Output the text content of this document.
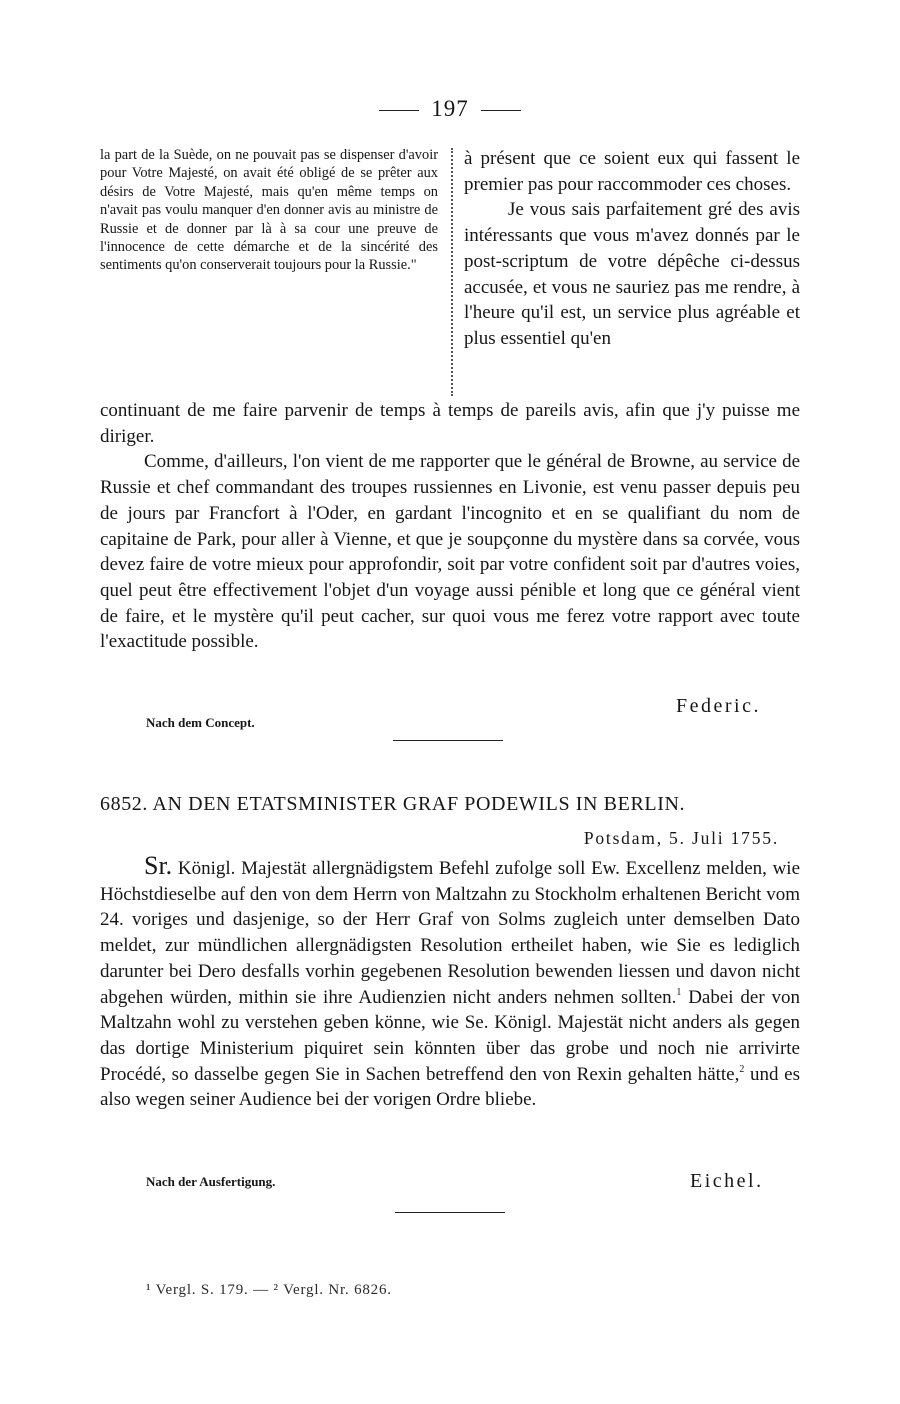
197
la part de la Suède, on ne pouvait pas se dispenser d'avoir pour Votre Majesté, on avait été obligé de se prêter aux désirs de Votre Majesté, mais qu'en même temps on n'avait pas voulu manquer d'en donner avis au ministre de Russie et de donner par là à sa cour une preuve de l'innocence de cette démarche et de la sincérité des sentiments qu'on conserverait toujours pour la Russie."

à présent que ce soient eux qui fassent le premier pas pour raccommoder ces choses.

Je vous sais parfaitement gré des avis intéressants que vous m'avez donnés par le post-scriptum de votre dépêche ci-dessus accusée, et vous ne sauriez pas me rendre, à l'heure qu'il est, un service plus agréable et plus essentiel qu'en

continuant de me faire parvenir de temps à temps de pareils avis, afin que j'y puisse me diriger.

Comme, d'ailleurs, l'on vient de me rapporter que le général de Browne, au service de Russie et chef commandant des troupes russiennes en Livonie, est venu passer depuis peu de jours par Francfort à l'Oder, en gardant l'incognito et en se qualifiant du nom de capitaine de Park, pour aller à Vienne, et que je soupçonne du mystère dans sa corvée, vous devez faire de votre mieux pour approfondir, soit par votre confident soit par d'autres voies, quel peut être effectivement l'objet d'un voyage aussi pénible et long que ce général vient de faire, et le mystère qu'il peut cacher, sur quoi vous me ferez votre rapport avec toute l'exactitude possible.

Federic.
Nach dem Concept.
6852. AN DEN ETATSMINISTER GRAF PODEWILS IN BERLIN.
Potsdam, 5. Juli 1755.

Sr. Königl. Majestät allergnädigstem Befehl zufolge soll Ew. Excellenz melden, wie Höchstdieselbe auf den von dem Herrn von Maltzahn zu Stockholm erhaltenen Bericht vom 24. voriges und dasjenige, so der Herr Graf von Solms zugleich unter demselben Dato meldet, zur mündlichen allergnädigsten Resolution ertheilet haben, wie Sie es lediglich darunter bei Dero desfalls vorhin gegebenen Resolution bewenden liessen und davon nicht abgehen würden, mithin sie ihre Audienzien nicht anders nehmen sollten.$^1$ Dabei der von Maltzahn wohl zu verstehen geben könne, wie Se. Königl. Majestät nicht anders als gegen das dortige Ministerium piquiret sein könnten über das grobe und noch nie arrivirte Procédé, so dasselbe gegen Sie in Sachen betreffend den von Rexin gehalten hätte,$^2$ und es also wegen seiner Audience bei der vorigen Ordre bliebe.

Eichel.
Nach der Ausfertigung.
¹ Vergl. S. 179. — ² Vergl. Nr. 6826.
